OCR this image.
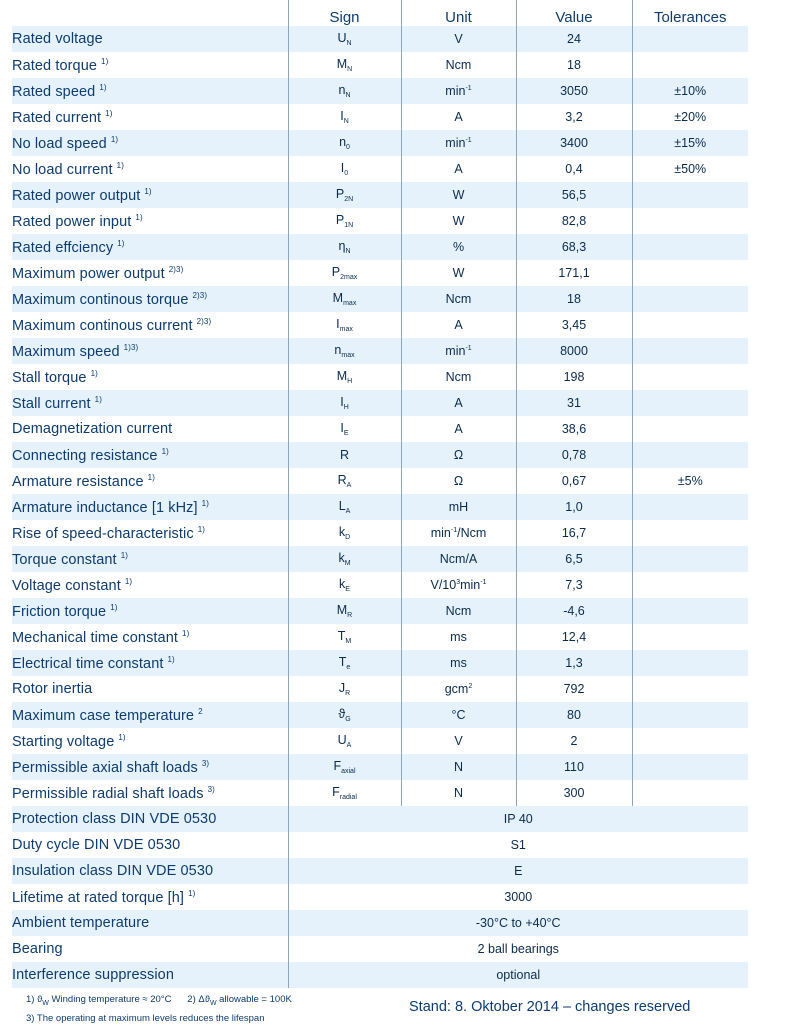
	Sign	Unit	Value	Tolerances
Rated voltage	$U_N$	V	24	
Rated torque $^{1)}$	$M_N$	Ncm	18	
Rated speed $^{1)}$	$n_N$	$\min^{-1}$	3050	±10%
Rated current $^{1)}$	$I_N$	A	3,2	±20%
No load speed $^{1)}$	$n_0$	$\min^{-1}$	3400	±15%
No load current $^{1)}$	$I_0$	A	0,4	±50%
Rated power output $^{1)}$	$P_{2N}$	W	56,5	
Rated power input $^{1)}$	$P_{1N}$	W	82,8	
Rated effciency $^{1)}$	$\eta_N$	%	68,3	
Maximum power output $^{2)3)}$	$P_{2max}$	W	171,1	
Maximum continous torque $^{2)3)}$	$M_{max}$	Ncm	18	
Maximum continous current $^{2)3)}$	$I_{max}$	A	3,45	
Maximum speed $^{1)3)}$	$n_{max}$	$\min^{-1}$	8000	
Stall torque $^{1)}$	$M_H$	Ncm	198	
Stall current $^{1)}$	$I_H$	A	31	
Demagnetization current	$I_E$	A	38,6	
Connecting resistance $^{1)}$	R	Ω	0,78	
Armature resistance $^{1)}$	$R_A$	Ω	0,67	±5%
Armature inductance [1 kHz] $^{1)}$	$L_A$	mH	1,0	
Rise of speed-characteristic $^{1)}$	$k_D$	$\min^{-1}$/Ncm	16,7	
Torque constant $^{1)}$	$k_M$	Ncm/A	6,5	
Voltage constant $^{1)}$	$k_E$	$V/10^3\min^{-1}$	7,3	
Friction torque $^{1)}$	$M_R$	Ncm	-4,6	
Mechanical time constant $^{1)}$	$T_M$	ms	12,4	
Electrical time constant $^{1)}$	$T_e$	ms	1,3	
Rotor inertia	$J_R$	gcm$^2$	792	
Maximum case temperature $^2$	$ϑ_G$	°C	80	
Starting voltage $^{1)}$	$U_A$	V	2	
Permissible axial shaft loads $^{3)}$	$F_{axial}$	N	110	
Permissible radial shaft loads $^{3)}$	$F_{radial}$	N	300	
Protection class DIN VDE 0530	IP 40			
Duty cycle DIN VDE 0530	S1			
Insulation class DIN VDE 0530	E			
Lifetime at rated torque [h] $^{1)}$	3000			
Ambient temperature	-30°C to +40°C			
Bearing	2 ball bearings			
Interference suppression	optional			
1) $ϑ_W$ Winding temperature ≈ 20°C 2) $\Delta ϑ_W$ allowable = 100K
3) The operating at maximum levels reduces the lifespan
Stand: 8. Oktober 2014 – changes reserved
